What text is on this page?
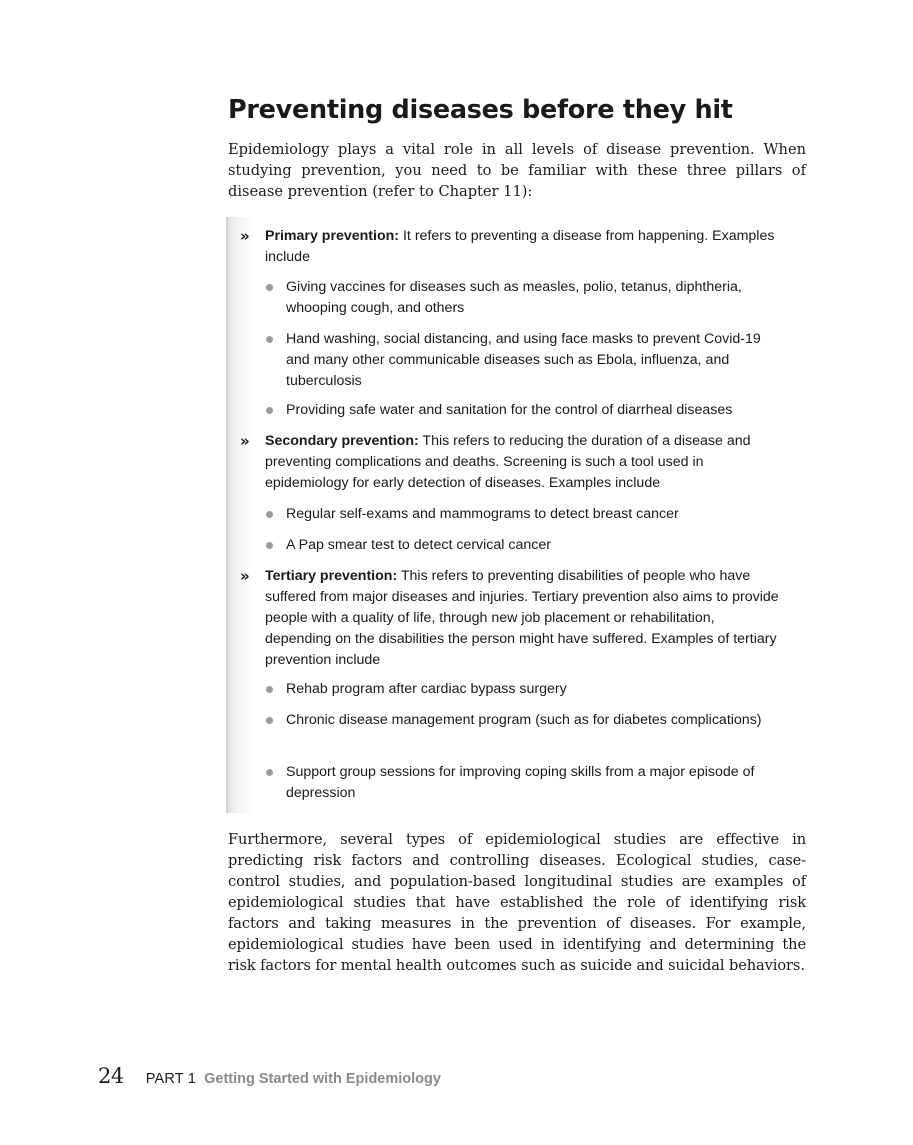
Preventing diseases before they hit

Epidemiology plays a vital role in all levels of disease prevention. When studying prevention, you need to be familiar with these three pillars of disease prevention (refer to Chapter 11):

»	Primary prevention: It refers to preventing a disease from happening. Examples include
Giving vaccines for diseases such as measles, polio, tetanus, diphtheria, whooping cough, and others
Hand washing, social distancing, and using face masks to prevent Covid-19 and many other communicable diseases such as Ebola, influenza, and tuberculosis
Providing safe water and sanitation for the control of diarrheal diseases
»	Secondary prevention: This refers to reducing the duration of a disease and preventing complications and deaths. Screening is such a tool used in epidemiology for early detection of diseases. Examples include
Regular self-exams and mammograms to detect breast cancer
A Pap smear test to detect cervical cancer
»	Tertiary prevention: This refers to preventing disabilities of people who have suffered from major diseases and injuries. Tertiary prevention also aims to provide people with a quality of life, through new job placement or rehabilitation, depending on the disabilities the person might have suffered. Examples of tertiary prevention include
Rehab program after cardiac bypass surgery
Chronic disease management program (such as for diabetes complications)
Support group sessions for improving coping skills from a major episode of depression

Furthermore, several types of epidemiological studies are effective in predicting risk factors and controlling diseases. Ecological studies, case-control studies, and population-based longitudinal studies are examples of epidemiological studies that have established the role of identifying risk factors and taking measures in the prevention of diseases. For example, epidemiological studies have been used in identifying and determining the risk factors for mental health outcomes such as suicide and suicidal behaviors.

24 PART 1 Getting Started with Epidemiology
